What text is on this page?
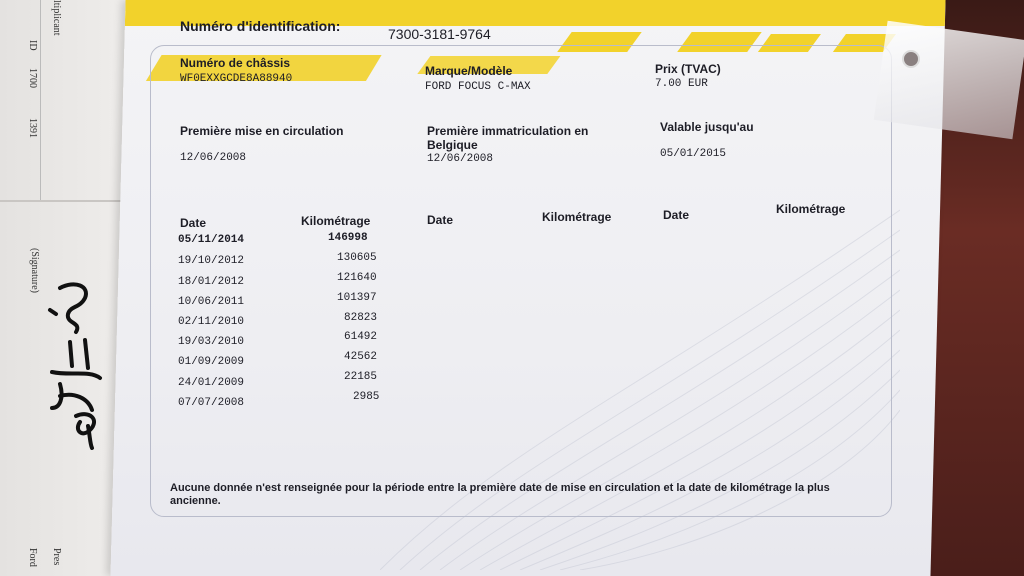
ltiplicant
ID
1700
1391
(Signature)
Pres
Ford
Numéro d'identification:	7300-3181-9764
Numéro de châssis
WF0EXXGCDE8A88940
Marque/Modèle
FORD FOCUS C-MAX
Prix (TVAC)
7.00 EUR
Première mise en circulation
12/06/2008
Première immatriculation en
Belgique
12/06/2008
Valable jusqu'au
05/01/2015
Date	Kilométrage	Date	Kilométrage	Date	Kilométrage
05/11/2014	146998
19/10/2012	130605
18/01/2012	121640
10/06/2011	101397
02/11/2010	82823
19/03/2010	61492
01/09/2009	42562
24/01/2009	22185
07/07/2008	2985
Aucune donnée n'est renseignée pour la période entre la première date de mise en circulation et la date de kilométrage la plus ancienne.
